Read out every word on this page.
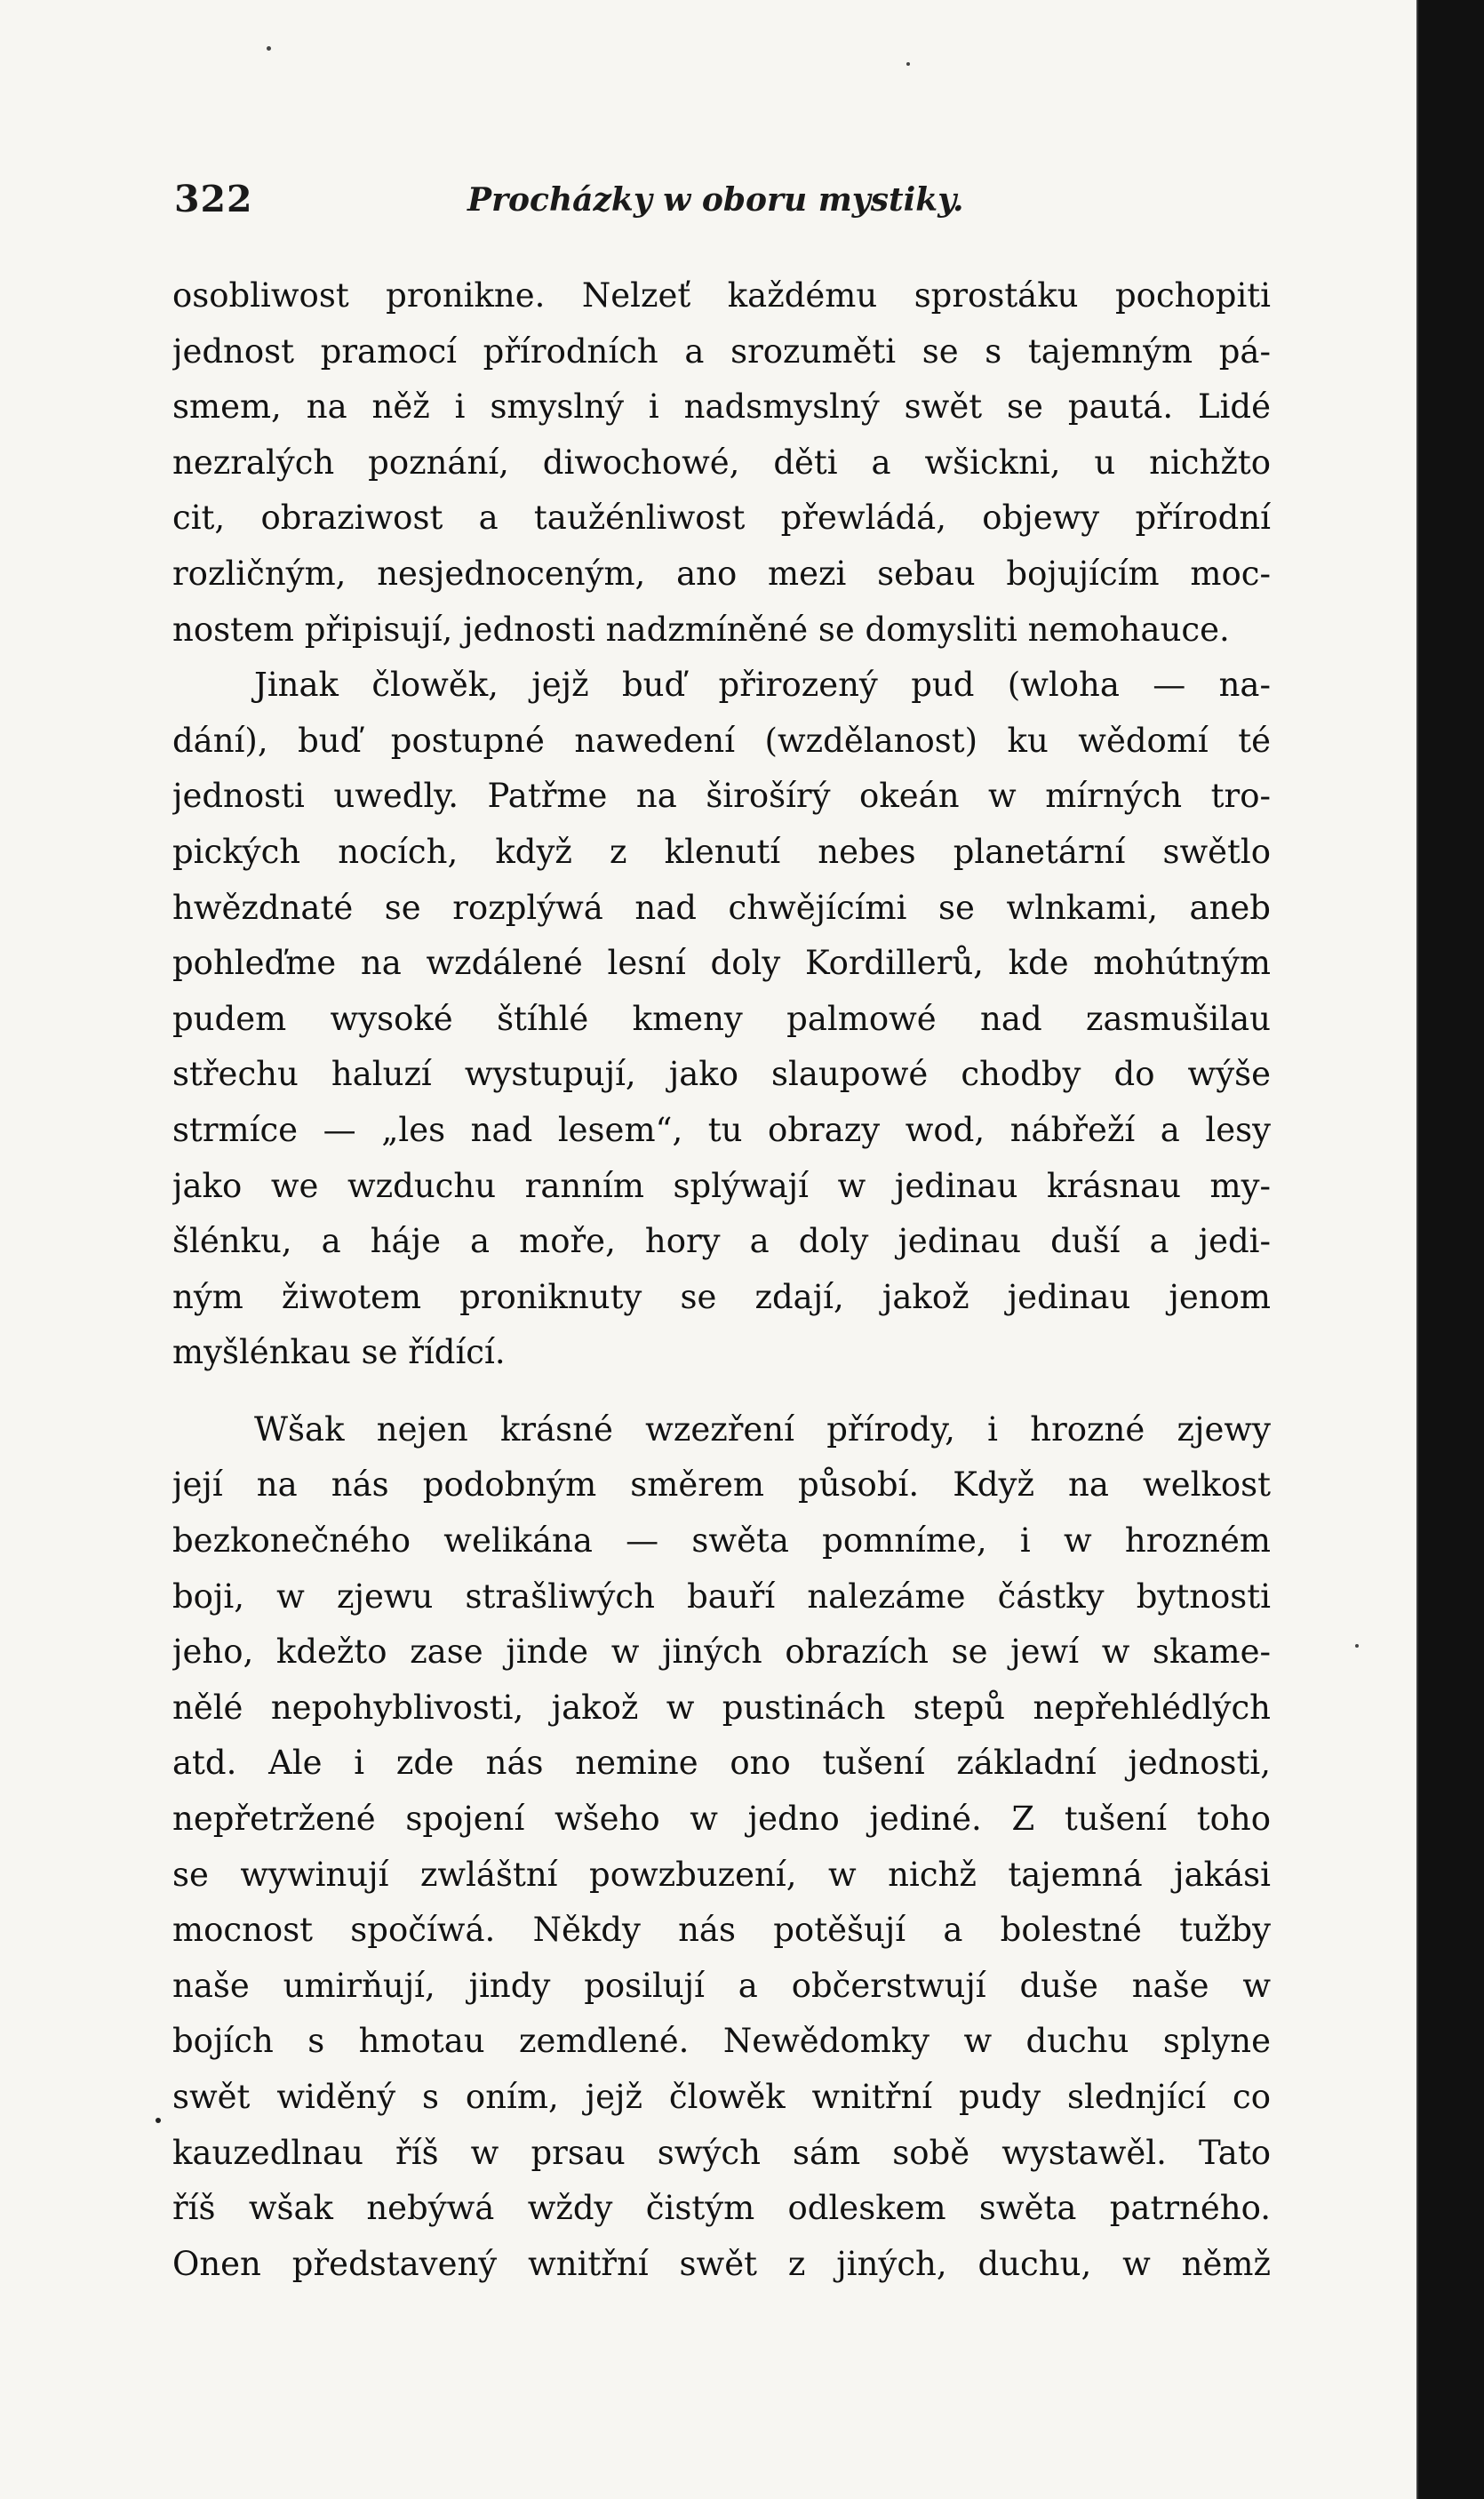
322	Procházky w oboru mystiky.
osobliwost pronikne. Nelzeť každému sprostáku pochopiti
jednost pramocí přírodních a srozuměti se s tajemným pá-
smem, na něž i smyslný i nadsmyslný swět se pautá. Lidé
nezralých poznání, diwochowé, děti a wšickni, u nichžto
cit, obraziwost a taužénliwost přewládá, objewy přírodní
rozličným, nesjednoceným, ano mezi sebau bojujícím moc-
nostem připisují, jednosti nadzmíněné se domysliti nemohauce.
Jinak člowěk, jejž buď přirozený pud (wloha — na-
dání), buď postupné nawedení (wzdělanost) ku wědomí té
jednosti uwedly. Patřme na širošírý okeán w mírných tro-
pických nocích, když z klenutí nebes planetární swětlo
hwězdnaté se rozplýwá nad chwějícími se wlnkami, aneb
pohleďme na wzdálené lesní doly Kordillerů, kde mohútným
pudem wysoké štíhlé kmeny palmowé nad zasmušilau
střechu haluzí wystupují, jako slaupowé chodby do wýše
strmíce — „les nad lesem“, tu obrazy wod, nábřeží a lesy
jako we wzduchu ranním splýwají w jedinau krásnau my-
šlénku, a háje a moře, hory a doly jedinau duší a jedi-
ným žiwotem proniknuty se zdají, jakož jedinau jenom
myšlénkau se řídící.
Wšak nejen krásné wzezření přírody, i hrozné zjewy
její na nás podobným směrem působí. Když na welkost
bezkonečného welikána — swěta pomníme, i w hrozném
boji, w zjewu strašliwých bauří nalezáme částky bytnosti
jeho, kdežto zase jinde w jiných obrazích se jewí w skame-
nělé nepohyblivosti, jakož w pustinách stepů nepřehlédlých
atd. Ale i zde nás nemine ono tušení základní jednosti,
nepřetržené spojení wšeho w jedno jediné. Z tušení toho
se wywinují zwláštní powzbuzení, w nichž tajemná jakási
mocnost spočíwá. Někdy nás potěšují a bolestné tužby
naše umirňují, jindy posilují a občerstwují duše naše w
bojích s hmotau zemdlené. Newědomky w duchu splyne
swět widěný s oním, jejž člowěk wnitřní pudy slednjící co
kauzedlnau říš w prsau swých sám sobě wystawěl. Tato
říš wšak nebýwá wždy čistým odleskem swěta patrného.
Onen představený wnitřní swět z jiných, duchu, w němž
